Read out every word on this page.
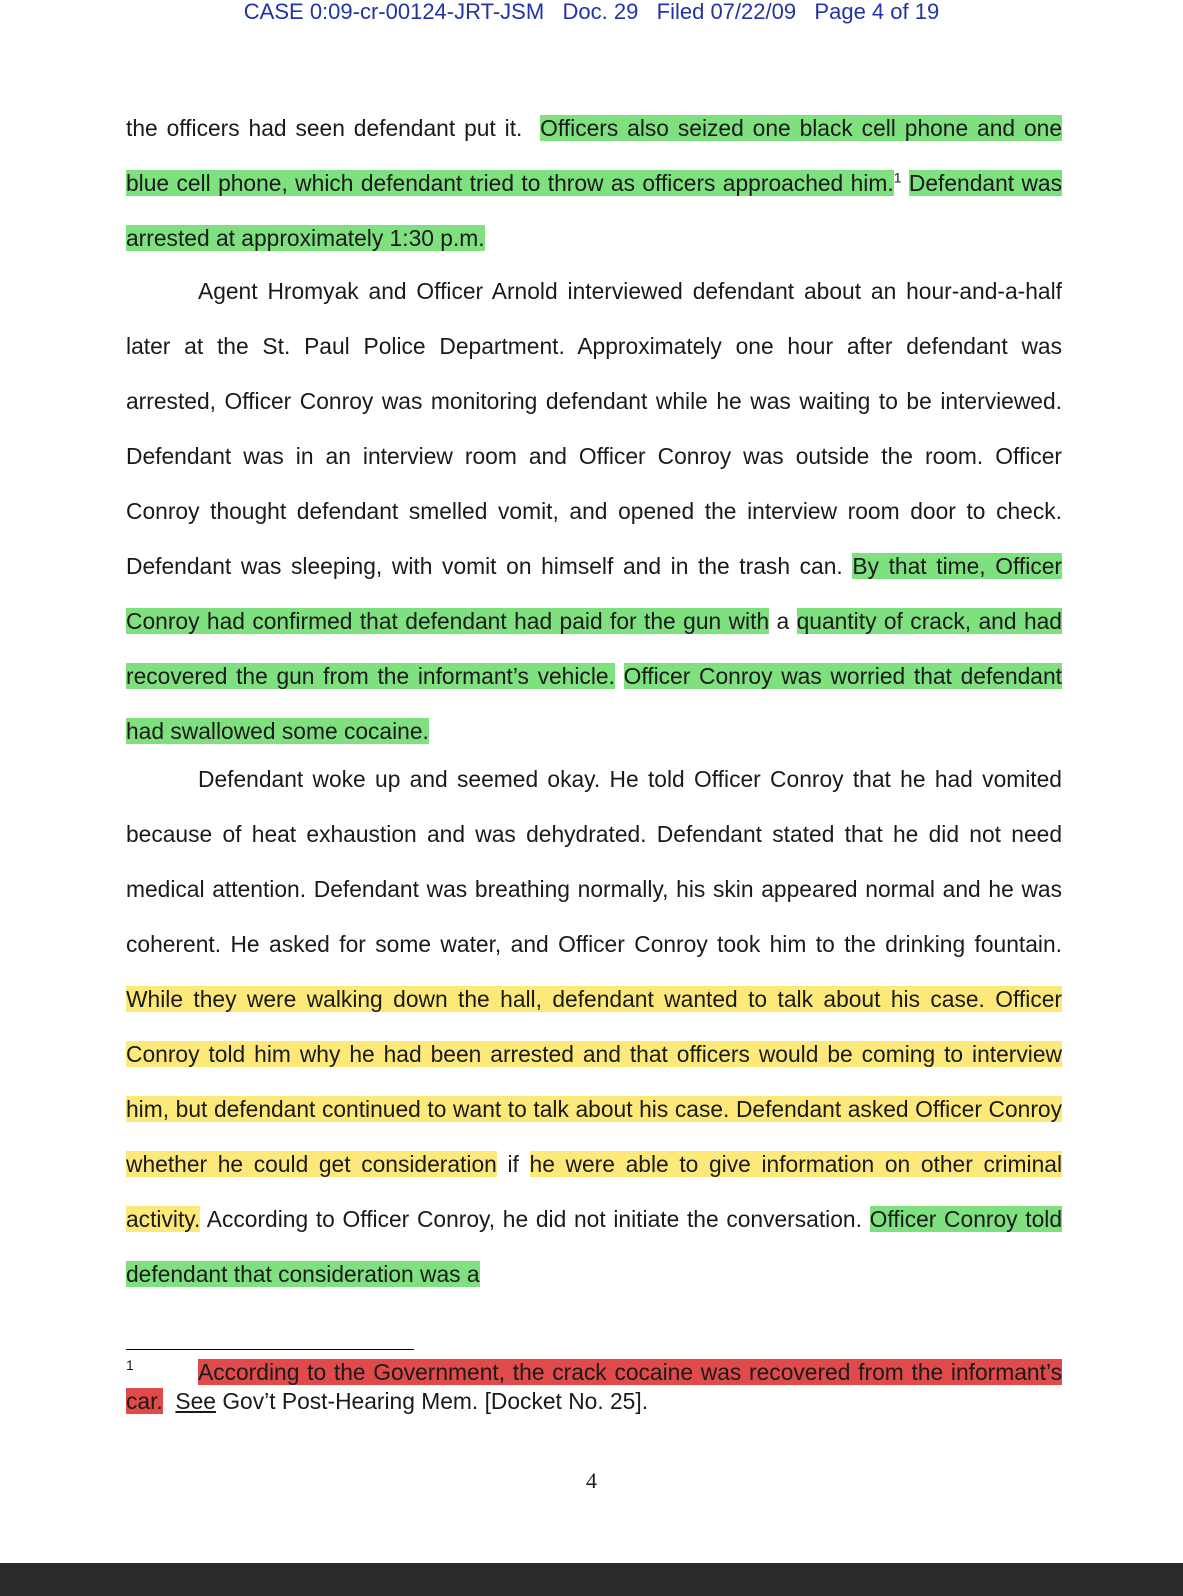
CASE 0:09-cr-00124-JRT-JSM   Doc. 29   Filed 07/22/09   Page 4 of 19
the officers had seen defendant put it. Officers also seized one black cell phone and one blue cell phone, which defendant tried to throw as officers approached him.$^1$ Defendant was arrested at approximately 1:30 p.m.
Agent Hromyak and Officer Arnold interviewed defendant about an hour-and-a-half later at the St. Paul Police Department. Approximately one hour after defendant was arrested, Officer Conroy was monitoring defendant while he was waiting to be interviewed. Defendant was in an interview room and Officer Conroy was outside the room. Officer Conroy thought defendant smelled vomit, and opened the interview room door to check. Defendant was sleeping, with vomit on himself and in the trash can. By that time, Officer Conroy had confirmed that defendant had paid for the gun with a quantity of crack, and had recovered the gun from the informant’s vehicle. Officer Conroy was worried that defendant had swallowed some cocaine.
Defendant woke up and seemed okay. He told Officer Conroy that he had vomited because of heat exhaustion and was dehydrated. Defendant stated that he did not need medical attention. Defendant was breathing normally, his skin appeared normal and he was coherent. He asked for some water, and Officer Conroy took him to the drinking fountain. While they were walking down the hall, defendant wanted to talk about his case. Officer Conroy told him why he had been arrested and that officers would be coming to interview him, but defendant continued to want to talk about his case. Defendant asked Officer Conroy whether he could get consideration if he were able to give information on other criminal activity. According to Officer Conroy, he did not initiate the conversation. Officer Conroy told defendant that consideration was a
1	According to the Government, the crack cocaine was recovered from the informant’s car. See Gov’t Post-Hearing Mem. [Docket No. 25].
4
